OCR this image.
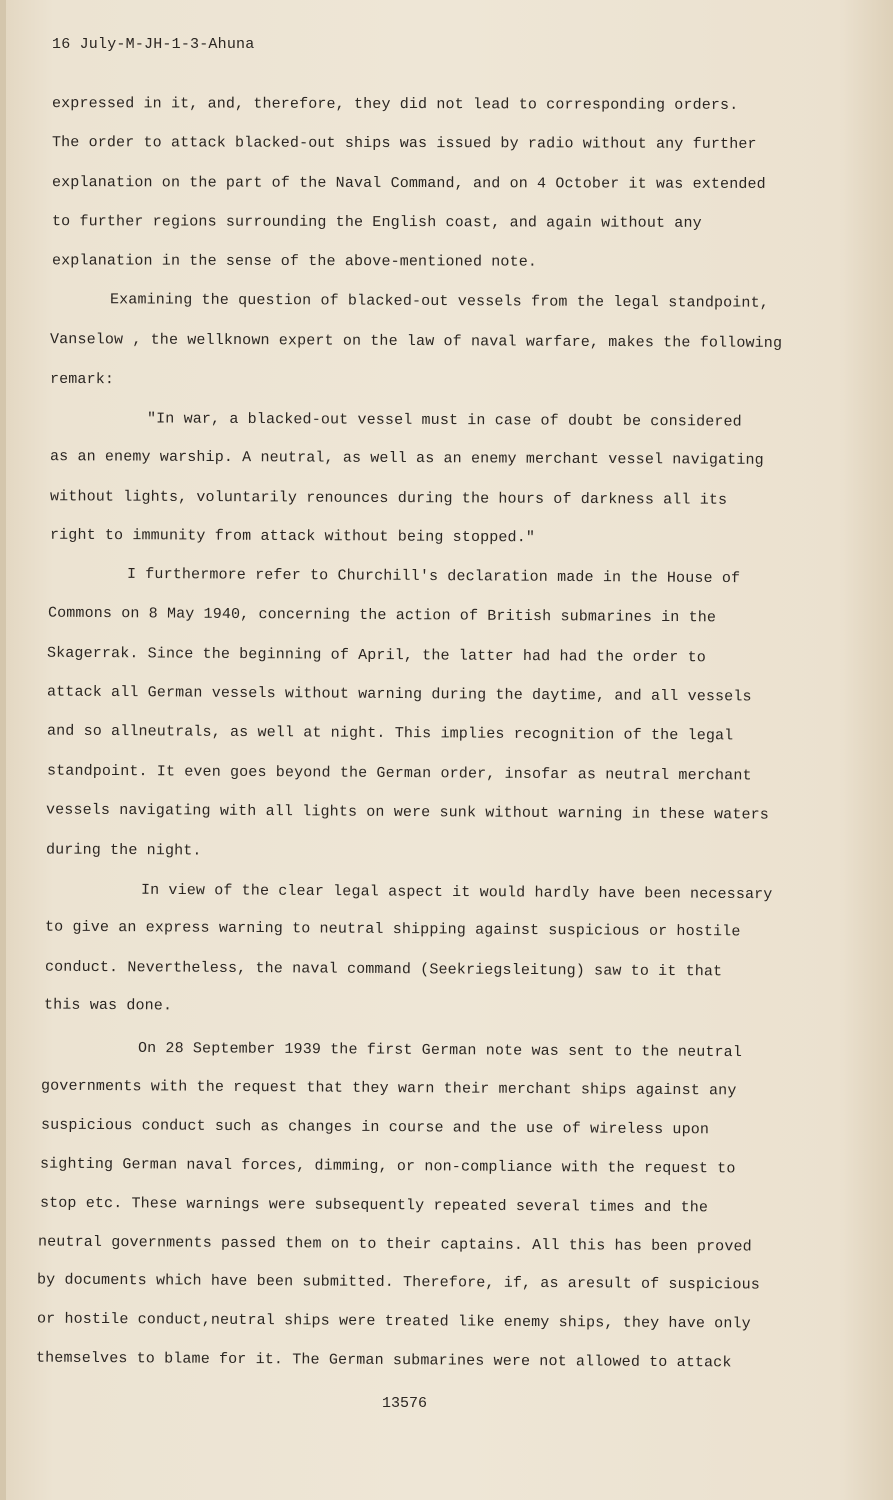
16 July-M-JH-1-3-Ahuna
expressed in it, and, therefore, they did not lead to corresponding orders.
The order to attack blacked-out ships was issued by radio without any further
explanation on the part of the Naval Command, and on 4 October it was extended
to further regions surrounding the English coast, and again without any
explanation in the sense of the above-mentioned note.
Examining the question of blacked-out vessels from the legal standpoint,
Vanselow , the wellknown expert on the law of naval warfare, makes the following
remark:
"In war, a blacked-out vessel must in case of doubt be considered
as an enemy warship. A neutral, as well as an enemy merchant vessel navigating
without lights, voluntarily renounces during the hours of darkness all its
right to immunity from attack without being stopped."
I furthermore refer to Churchill's declaration made in the House of
Commons on 8 May 1940, concerning the action of British submarines in the
Skagerrak. Since the beginning of April, the latter had had the order to
attack all German vessels without warning during the daytime, and all vessels
and so allneutrals, as well at night. This implies recognition of the legal
standpoint. It even goes beyond the German order, insofar as neutral merchant
vessels navigating with all lights on were sunk without warning in these waters
during the night.
In view of the clear legal aspect it would hardly have been necessary
to give an express warning to neutral shipping against suspicious or hostile
conduct. Nevertheless, the naval command (Seekriegsleitung) saw to it that
this was done.
On 28 September 1939 the first German note was sent to the neutral
governments with the request that they warn their merchant ships against any
suspicious conduct such as changes in course and the use of wireless upon
sighting German naval forces, dimming, or non-compliance with the request to
stop etc. These warnings were subsequently repeated several times and the
neutral governments passed them on to their captains. All this has been proved
by documents which have been submitted. Therefore, if, as aresult of suspicious
or hostile conduct,neutral ships were treated like enemy ships, they have only
themselves to blame for it. The German submarines were not allowed to attack
13576
